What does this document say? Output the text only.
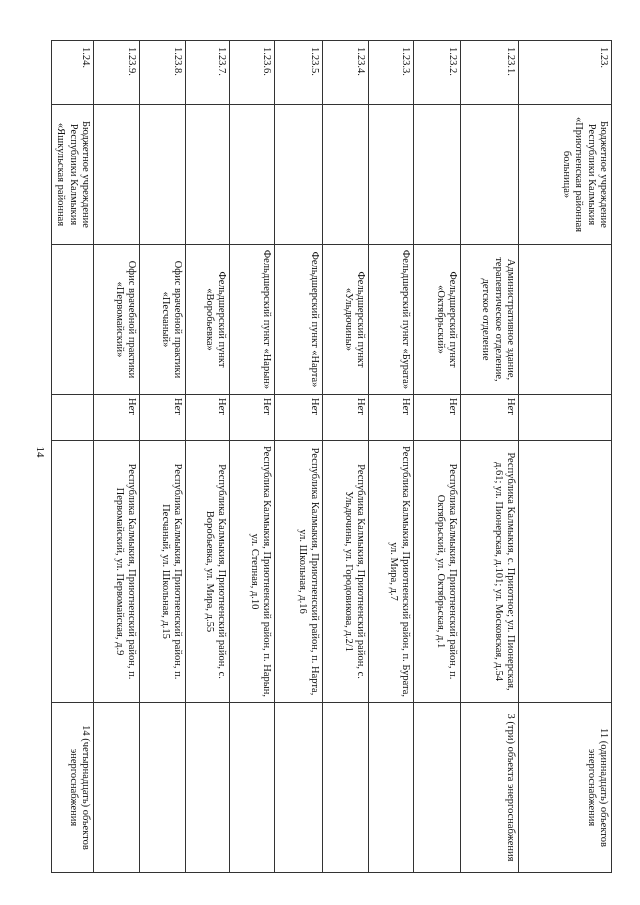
14
1.23.	Бюджетное учреждение Республики Калмыкия «Приютненская районная больница»				11 (одиннадцать) объектов энергоснабжения
1.23.1.		Административное здание, терапевтическое отделение, детское отделение	Нет	Республика Калмыкия, с. Приютное; ул. Пионерская, д.61; ул. Пионерская, д.101; ул. Московская, д.54	3 (три) объекта энергоснабжения
1.23.2.		Фельдшерский пункт «Октябрьский»	Нет	Республика Калмыкия, Приютненский район, п. Октябрьский, ул. Октябрьская, д.1	
1.23.3.		Фельдшерский пункт «Бурата»	Нет	Республика Калмыкия, Приютненский район, п. Бурата, ул. Мира, д.7	
1.23.4.		Фельдшерский пункт «Ульдючины»	Нет	Республика Калмыкия, Приютненский район, с. Ульдючины, ул. Городовикова, д.2/1	
1.23.5.		Фельдшерский пункт «Нарта»	Нет	Республика Калмыкия, Приютненский район, п. Нарта, ул. Школьная, д.16	
1.23.6.		Фельдшерский пункт «Нарын»	Нет	Республика Калмыкия, Приютненский район, п. Нарын, ул. Степная, д.10	
1.23.7.		Фельдшерский пункт «Воробьевка»	Нет	Республика Калмыкия, Приютненский район, с. Воробьевка, ул. Мира, д.55	
1.23.8.		Офис врачебной практики «Песчаный»	Нет	Республика Калмыкия, Приютненский район, п. Песчаный, ул. Школьная, д.15	
1.23.9.		Офис врачебной практики «Первомайский»	Нет	Республика Калмыкия, Приютненский район, п. Первомайский, ул. Первомайская, д.9	
1.24.	Бюджетное учреждение Республики Калмыкия «Яшкульская районная				14 (четырнадцать) объектов энергоснабжения
